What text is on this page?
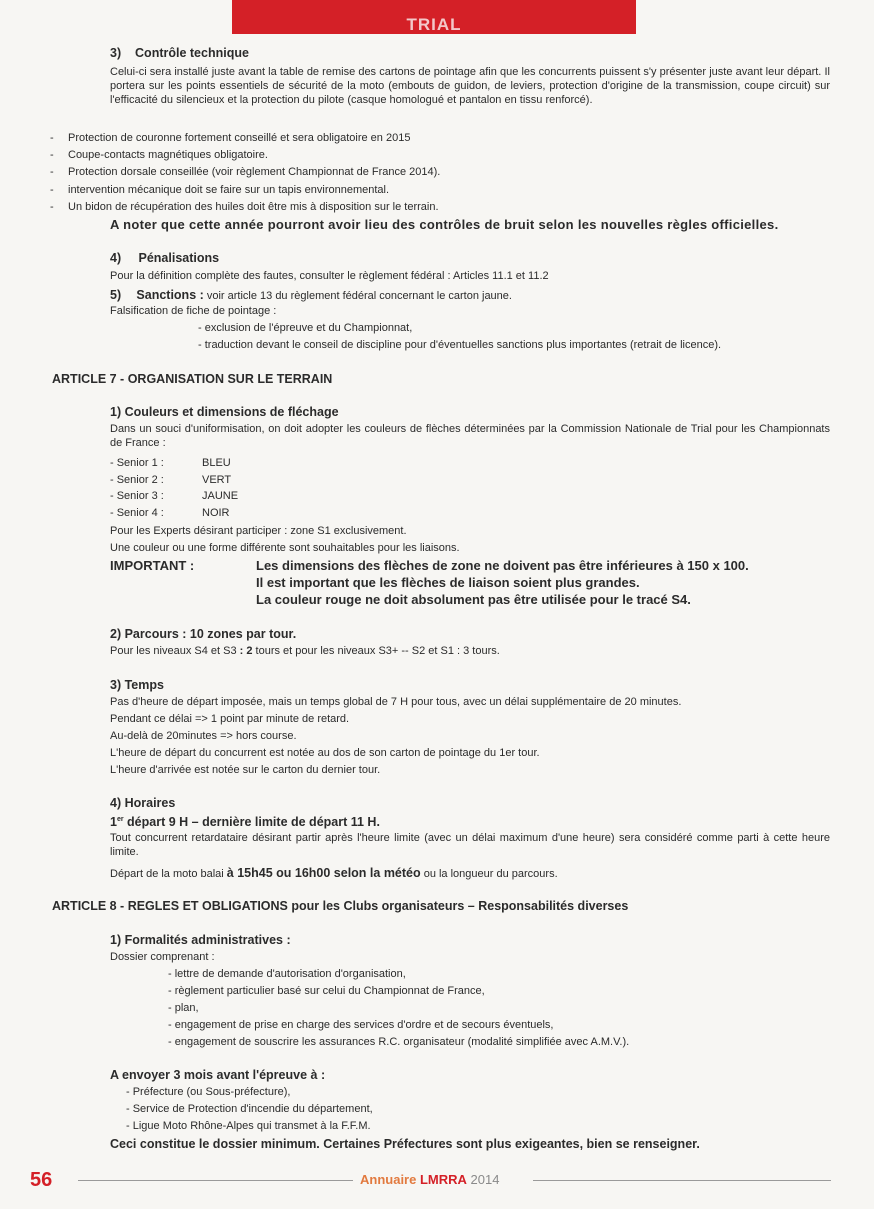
TRIAL
3) Contrôle technique
Celui-ci sera installé juste avant la table de remise des cartons de pointage afin que les concurrents puissent s'y présenter juste avant leur départ. Il portera sur les points essentiels de sécurité de la moto (embouts de guidon, de leviers, protection d'origine de la transmission, coupe circuit) sur l'efficacité du silencieux et la protection du pilote (casque homologué et pantalon en tissu renforcé).
- Protection de couronne fortement conseillé et sera obligatoire en 2015
- Coupe-contacts magnétiques obligatoire.
- Protection dorsale conseillée (voir règlement Championnat de France 2014).
- intervention mécanique doit se faire sur un tapis environnemental.
- Un bidon de récupération des huiles doit être mis à disposition sur le terrain.
A noter que cette année pourront avoir lieu des contrôles de bruit selon les nouvelles règles officielles.
4) Pénalisations
Pour la définition complète des fautes, consulter le règlement fédéral : Articles 11.1 et 11.2
5) Sanctions : voir article 13 du règlement fédéral concernant le carton jaune.
Falsification de fiche de pointage :
- exclusion de l'épreuve et du Championnat,
- traduction devant le conseil de discipline pour d'éventuelles sanctions plus importantes (retrait de licence).
ARTICLE 7 - ORGANISATION SUR LE TERRAIN
1) Couleurs et dimensions de fléchage
Dans un souci d'uniformisation, on doit adopter les couleurs de flèches déterminées par la Commission Nationale de Trial pour les Championnats de France :
- Senior 1 :	BLEU
- Senior 2 :	VERT
- Senior 3 :	JAUNE
- Senior 4 :	NOIR
Pour les Experts désirant participer : zone S1 exclusivement.
Une couleur ou une forme différente sont souhaitables pour les liaisons.
IMPORTANT :	Les dimensions des flèches de zone ne doivent pas être inférieures à 150 x 100.
Il est important que les flèches de liaison soient plus grandes.
La couleur rouge ne doit absolument pas être utilisée pour le tracé S4.
2) Parcours : 10 zones par tour.
Pour les niveaux S4 et S3 : 2 tours et pour les niveaux S3+ -- S2 et S1 : 3 tours.
3) Temps
Pas d'heure de départ imposée, mais un temps global de 7 H pour tous, avec un délai supplémentaire de 20 minutes.
Pendant ce délai => 1 point par minute de retard.
Au-delà de 20minutes => hors course.
L'heure de départ du concurrent est notée au dos de son carton de pointage du 1er tour.
L'heure d'arrivée est notée sur le carton du dernier tour.
4) Horaires
1er départ 9 H – dernière limite de départ 11 H.
Tout concurrent retardataire désirant partir après l'heure limite (avec un délai maximum d'une heure) sera considéré comme parti à cette heure limite.
Départ de la moto balai à 15h45 ou 16h00 selon la météo ou la longueur du parcours.
ARTICLE 8 - REGLES ET OBLIGATIONS pour les Clubs organisateurs – Responsabilités diverses
1) Formalités administratives :
Dossier comprenant :
- lettre de demande d'autorisation d'organisation,
- règlement particulier basé sur celui du Championnat de France,
- plan,
- engagement de prise en charge des services d'ordre et de secours éventuels,
- engagement de souscrire les assurances R.C. organisateur (modalité simplifiée avec A.M.V.).
A envoyer 3 mois avant l'épreuve à :
- Préfecture (ou Sous-préfecture),
- Service de Protection d'incendie du département,
- Ligue Moto Rhône-Alpes qui transmet à la F.F.M.
Ceci constitue le dossier minimum. Certaines Préfectures sont plus exigeantes, bien se renseigner.
56	Annuaire LMRRA 2014
